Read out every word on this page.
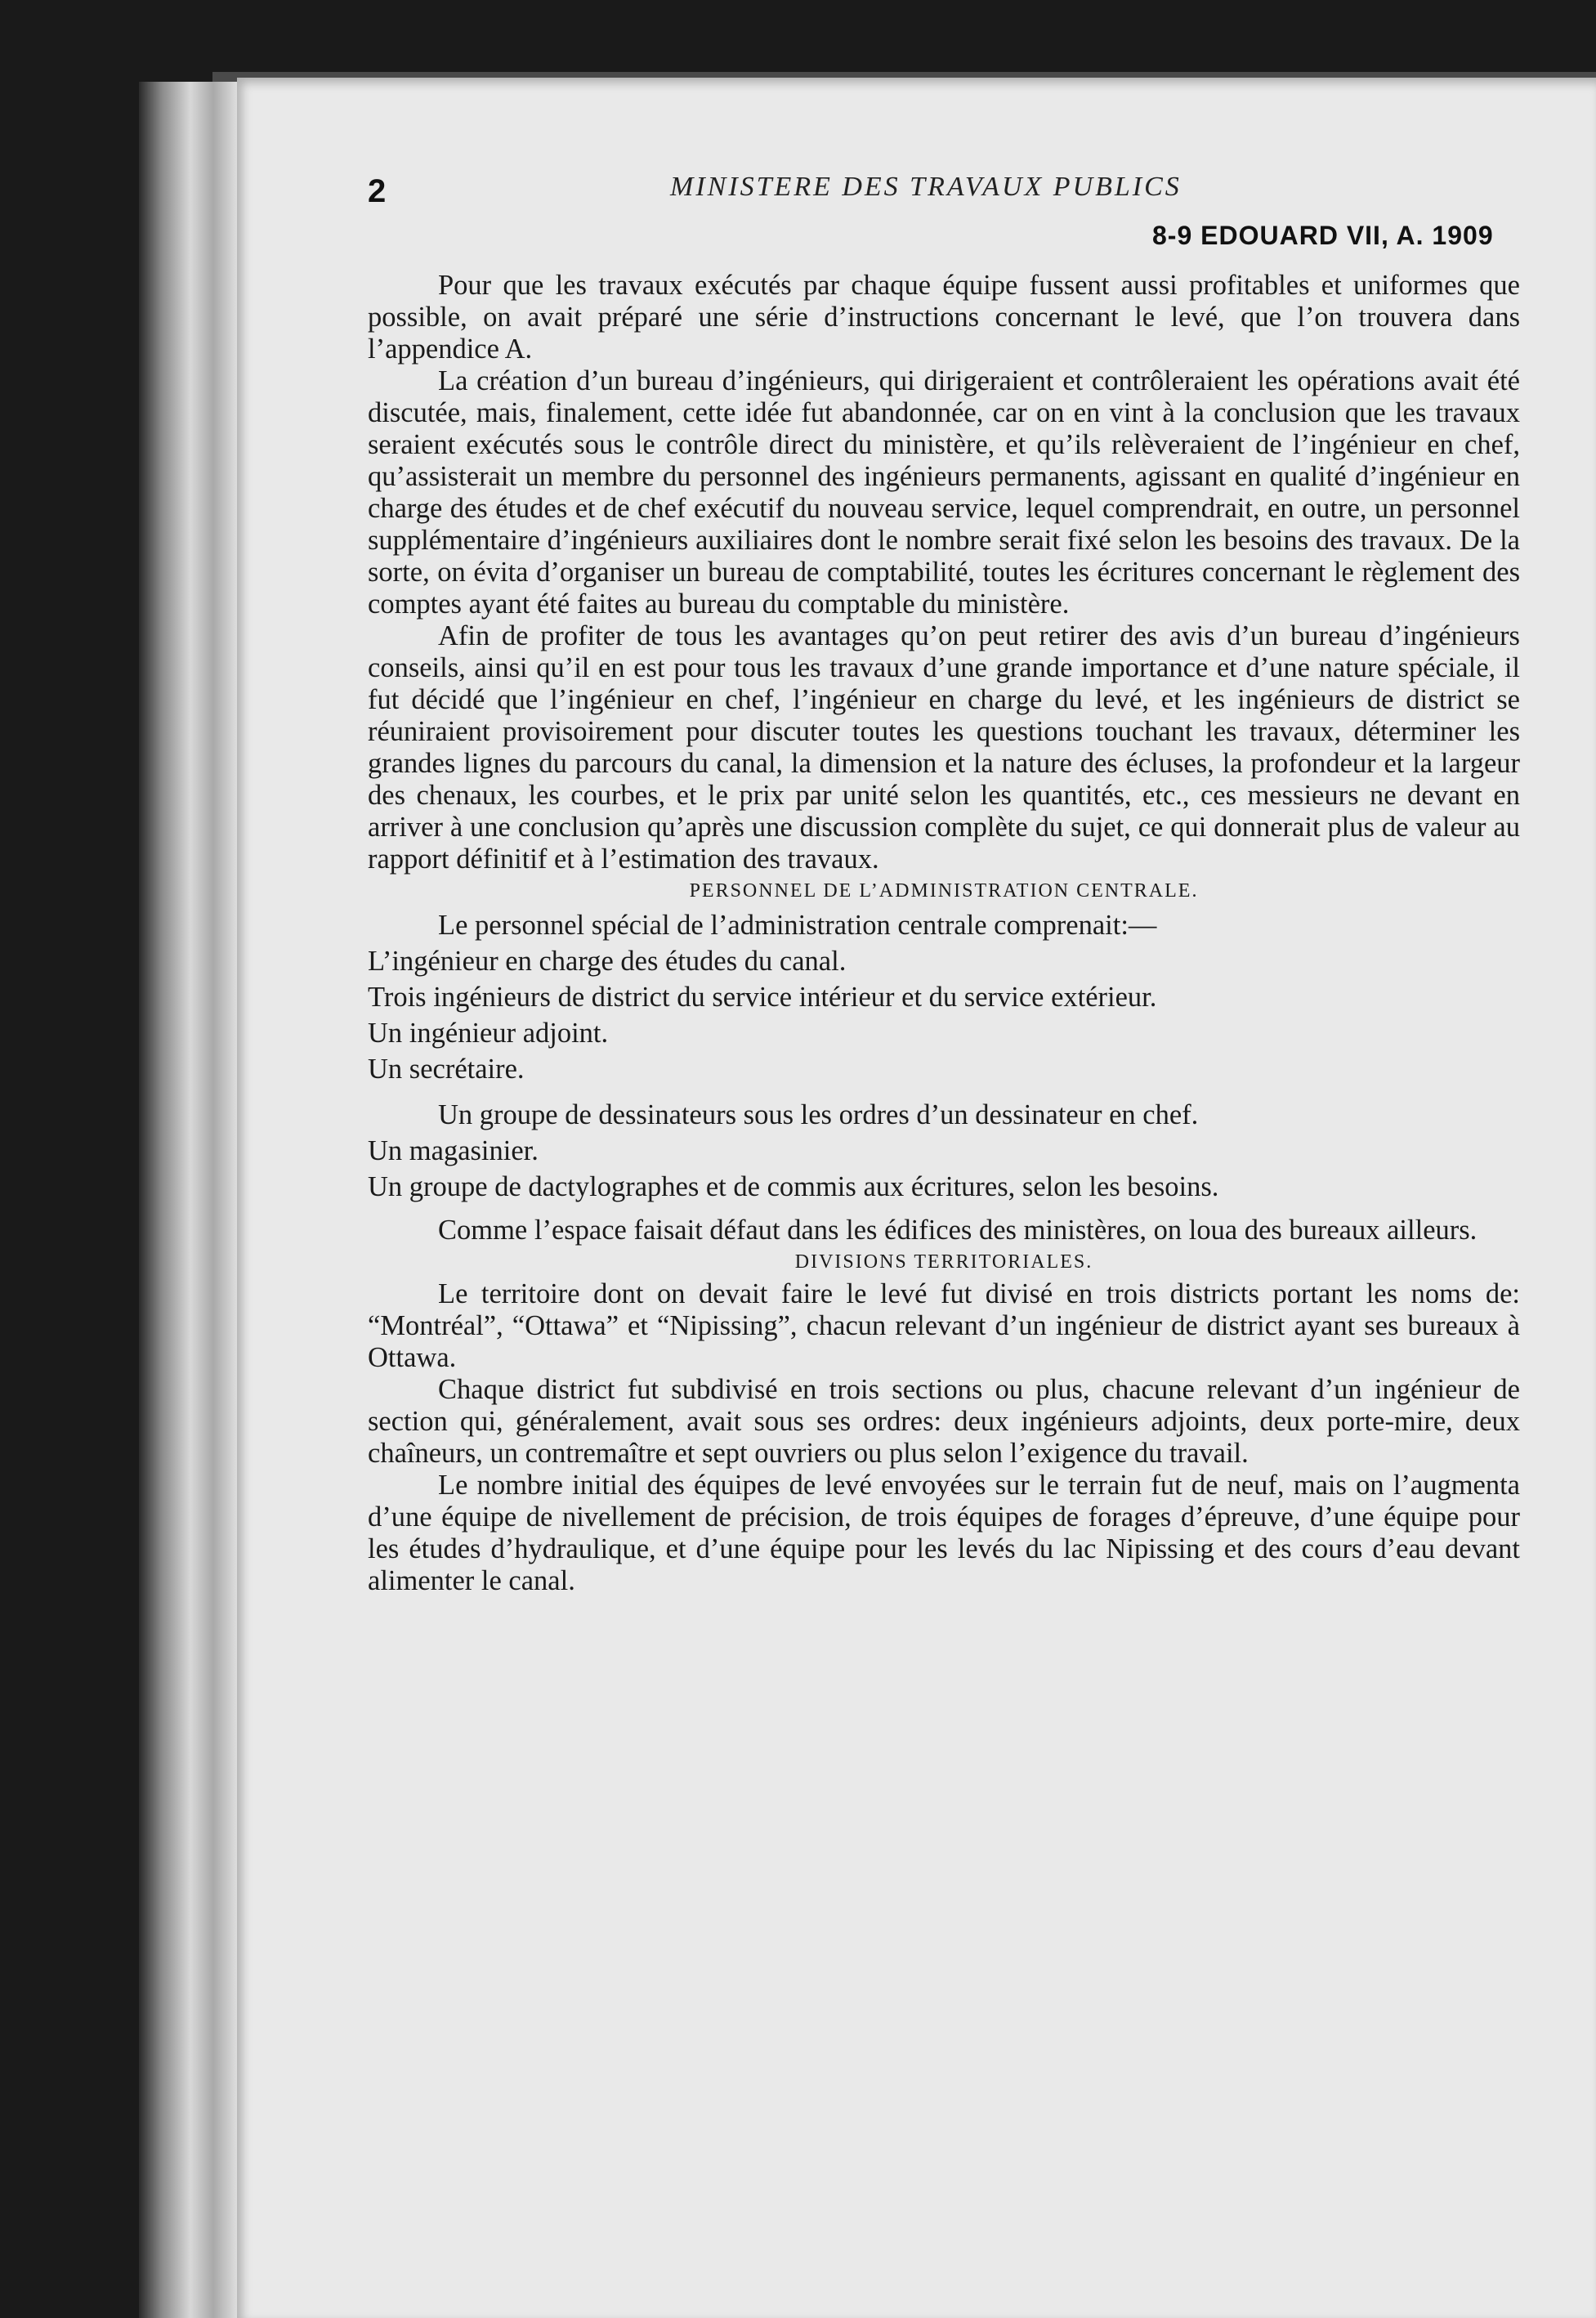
2	MINISTERE DES TRAVAUX PUBLICS
8-9 EDOUARD VII, A. 1909

Pour que les travaux exécutés par chaque équipe fussent aussi profitables et uniformes que possible, on avait préparé une série d’instructions concernant le levé, que l’on trouvera dans l’appendice A.

La création d’un bureau d’ingénieurs, qui dirigeraient et contrôleraient les opérations avait été discutée, mais, finalement, cette idée fut abandonnée, car on en vint à la conclusion que les travaux seraient exécutés sous le contrôle direct du ministère, et qu’ils relèveraient de l’ingénieur en chef, qu’assisterait un membre du personnel des ingénieurs permanents, agissant en qualité d’ingénieur en charge des études et de chef exécutif du nouveau service, lequel comprendrait, en outre, un personnel supplémentaire d’ingénieurs auxiliaires dont le nombre serait fixé selon les besoins des travaux. De la sorte, on évita d’organiser un bureau de comptabilité, toutes les écritures concernant le règlement des comptes ayant été faites au bureau du comptable du ministère.

Afin de profiter de tous les avantages qu’on peut retirer des avis d’un bureau d’ingénieurs conseils, ainsi qu’il en est pour tous les travaux d’une grande importance et d’une nature spéciale, il fut décidé que l’ingénieur en chef, l’ingénieur en charge du levé, et les ingénieurs de district se réuniraient provisoirement pour discuter toutes les questions touchant les travaux, déterminer les grandes lignes du parcours du canal, la dimension et la nature des écluses, la profondeur et la largeur des chenaux, les courbes, et le prix par unité selon les quantités, etc., ces messieurs ne devant en arriver à une conclusion qu’après une discussion complète du sujet, ce qui donnerait plus de valeur au rapport définitif et à l’estimation des travaux.

PERSONNEL DE L’ADMINISTRATION CENTRALE.

Le personnel spécial de l’administration centrale comprenait:—

L’ingénieur en charge des études du canal.

Trois ingénieurs de district du service intérieur et du service extérieur.

Un ingénieur adjoint.

Un secrétaire.

Un groupe de dessinateurs sous les ordres d’un dessinateur en chef.

Un magasinier.

Un groupe de dactylographes et de commis aux écritures, selon les besoins.

Comme l’espace faisait défaut dans les édifices des ministères, on loua des bureaux ailleurs.

DIVISIONS TERRITORIALES.

Le territoire dont on devait faire le levé fut divisé en trois districts portant les noms de: “Montréal”, “Ottawa” et “Nipissing”, chacun relevant d’un ingénieur de district ayant ses bureaux à Ottawa.

Chaque district fut subdivisé en trois sections ou plus, chacune relevant d’un ingénieur de section qui, généralement, avait sous ses ordres: deux ingénieurs adjoints, deux porte-mire, deux chaîneurs, un contremaître et sept ouvriers ou plus selon l’exigence du travail.

Le nombre initial des équipes de levé envoyées sur le terrain fut de neuf, mais on l’augmenta d’une équipe de nivellement de précision, de trois équipes de forages d’épreuve, d’une équipe pour les études d’hydraulique, et d’une équipe pour les levés du lac Nipissing et des cours d’eau devant alimenter le canal.
